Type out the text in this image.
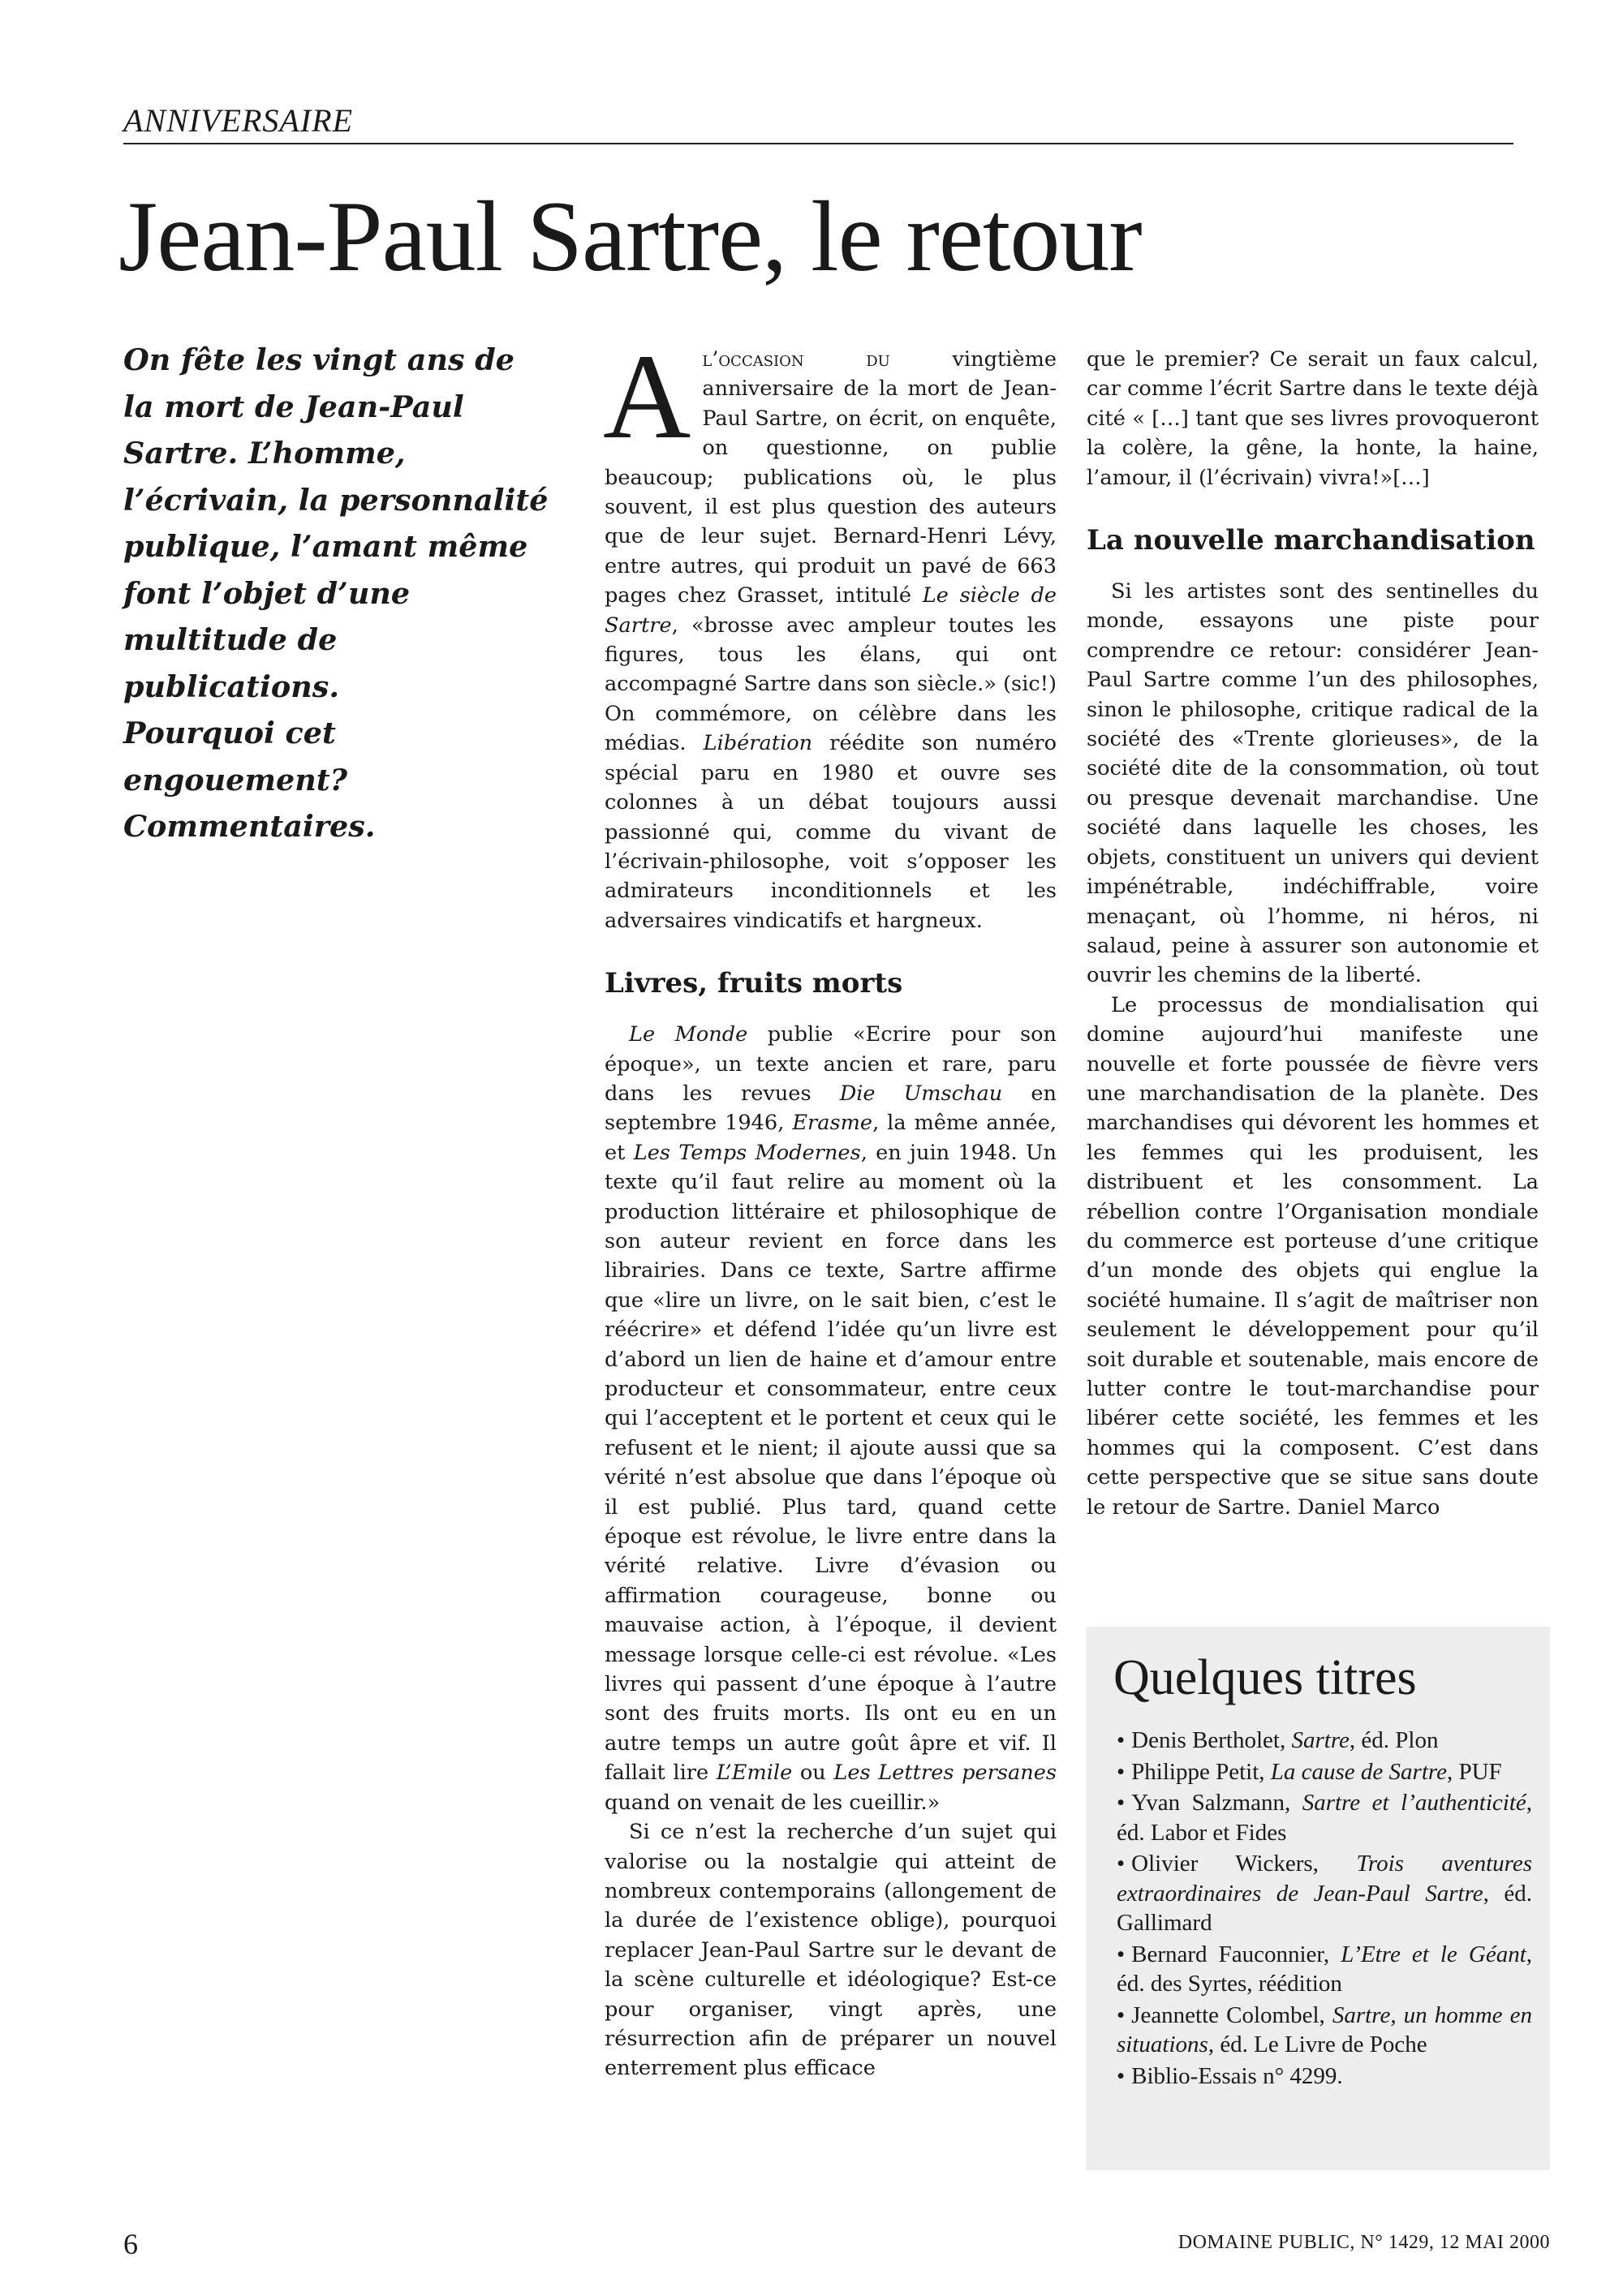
ANNIVERSAIRE
Jean-Paul Sartre, le retour

On fête les vingt ans de la mort de Jean-Paul Sartre. L’homme, l’écrivain, la personnalité publique, l’amant même font l’objet d’une multitude de publications.

Pourquoi cet engouement? Commentaires.

Al’occasion du vingtième anniversaire de la mort de Jean-Paul Sartre, on écrit, on enquête, on questionne, on publie beaucoup; publications où, le plus souvent, il est plus question des auteurs que de leur sujet. Bernard-Henri Lévy, entre autres, qui produit un pavé de 663 pages chez Grasset, intitulé Le siècle de Sartre, «brosse avec ampleur toutes les figures, tous les élans, qui ont accompagné Sartre dans son siècle.» (sic!) On commémore, on célèbre dans les médias. Libération réédite son numéro spécial paru en 1980 et ouvre ses colonnes à un débat toujours aussi passionné qui, comme du vivant de l’écrivain-philosophe, voit s’opposer les admirateurs inconditionnels et les adversaires vindicatifs et hargneux.

Livres, fruits morts

Le Monde publie «Ecrire pour son époque», un texte ancien et rare, paru dans les revues Die Umschau en septembre 1946, Erasme, la même année, et Les Temps Modernes, en juin 1948. Un texte qu’il faut relire au moment où la production littéraire et philosophique de son auteur revient en force dans les librairies. Dans ce texte, Sartre affirme que «lire un livre, on le sait bien, c’est le réécrire» et défend l’idée qu’un livre est d’abord un lien de haine et d’amour entre producteur et consommateur, entre ceux qui l’acceptent et le portent et ceux qui le refusent et le nient; il ajoute aussi que sa vérité n’est absolue que dans l’époque où il est publié. Plus tard, quand cette époque est révolue, le livre entre dans la vérité relative. Livre d’évasion ou affirmation courageuse, bonne ou mauvaise action, à l’époque, il devient message lorsque celle-ci est révolue. «Les livres qui passent d’une époque à l’autre sont des fruits morts. Ils ont eu en un autre temps un autre goût âpre et vif. Il fallait lire L’Emile ou Les Lettres persanes quand on venait de les cueillir.»

Si ce n’est la recherche d’un sujet qui valorise ou la nostalgie qui atteint de nombreux contemporains (allongement de la durée de l’existence oblige), pourquoi replacer Jean-Paul Sartre sur le devant de la scène culturelle et idéologique? Est-ce pour organiser, vingt après, une résurrection afin de préparer un nouvel enterrement plus efficace

que le premier? Ce serait un faux calcul, car comme l’écrit Sartre dans le texte déjà cité « […] tant que ses livres provoqueront la colère, la gêne, la honte, la haine, l’amour, il (l’écrivain) vivra!»[…]

La nouvelle marchandisation

Si les artistes sont des sentinelles du monde, essayons une piste pour comprendre ce retour: considérer Jean-Paul Sartre comme l’un des philosophes, sinon le philosophe, critique radical de la société des «Trente glorieuses», de la société dite de la consommation, où tout ou presque devenait marchandise. Une société dans laquelle les choses, les objets, constituent un univers qui devient impénétrable, indéchiffrable, voire menaçant, où l’homme, ni héros, ni salaud, peine à assurer son autonomie et ouvrir les chemins de la liberté.

Le processus de mondialisation qui domine aujourd’hui manifeste une nouvelle et forte poussée de fièvre vers une marchandisation de la planète. Des marchandises qui dévorent les hommes et les femmes qui les produisent, les distribuent et les consomment. La rébellion contre l’Organisation mondiale du commerce est porteuse d’une critique d’un monde des objets qui englue la société humaine. Il s’agit de maîtriser non seulement le développement pour qu’il soit durable et soutenable, mais encore de lutter contre le tout-marchandise pour libérer cette société, les femmes et les hommes qui la composent. C’est dans cette perspective que se situe sans doute le retour de Sartre. Daniel Marco

Quelques titres
• Denis Bertholet, Sartre, éd. Plon
• Philippe Petit, La cause de Sartre, PUF
• Yvan Salzmann, Sartre et l’authenticité, éd. Labor et Fides
• Olivier Wickers, Trois aventures extraordinaires de Jean-Paul Sartre, éd. Gallimard
• Bernard Fauconnier, L’Etre et le Géant, éd. des Syrtes, réédition
• Jeannette Colombel, Sartre, un homme en situations, éd. Le Livre de Poche
• Biblio-Essais n° 4299.
6	DOMAINE PUBLIC, N° 1429, 12 MAI 2000
